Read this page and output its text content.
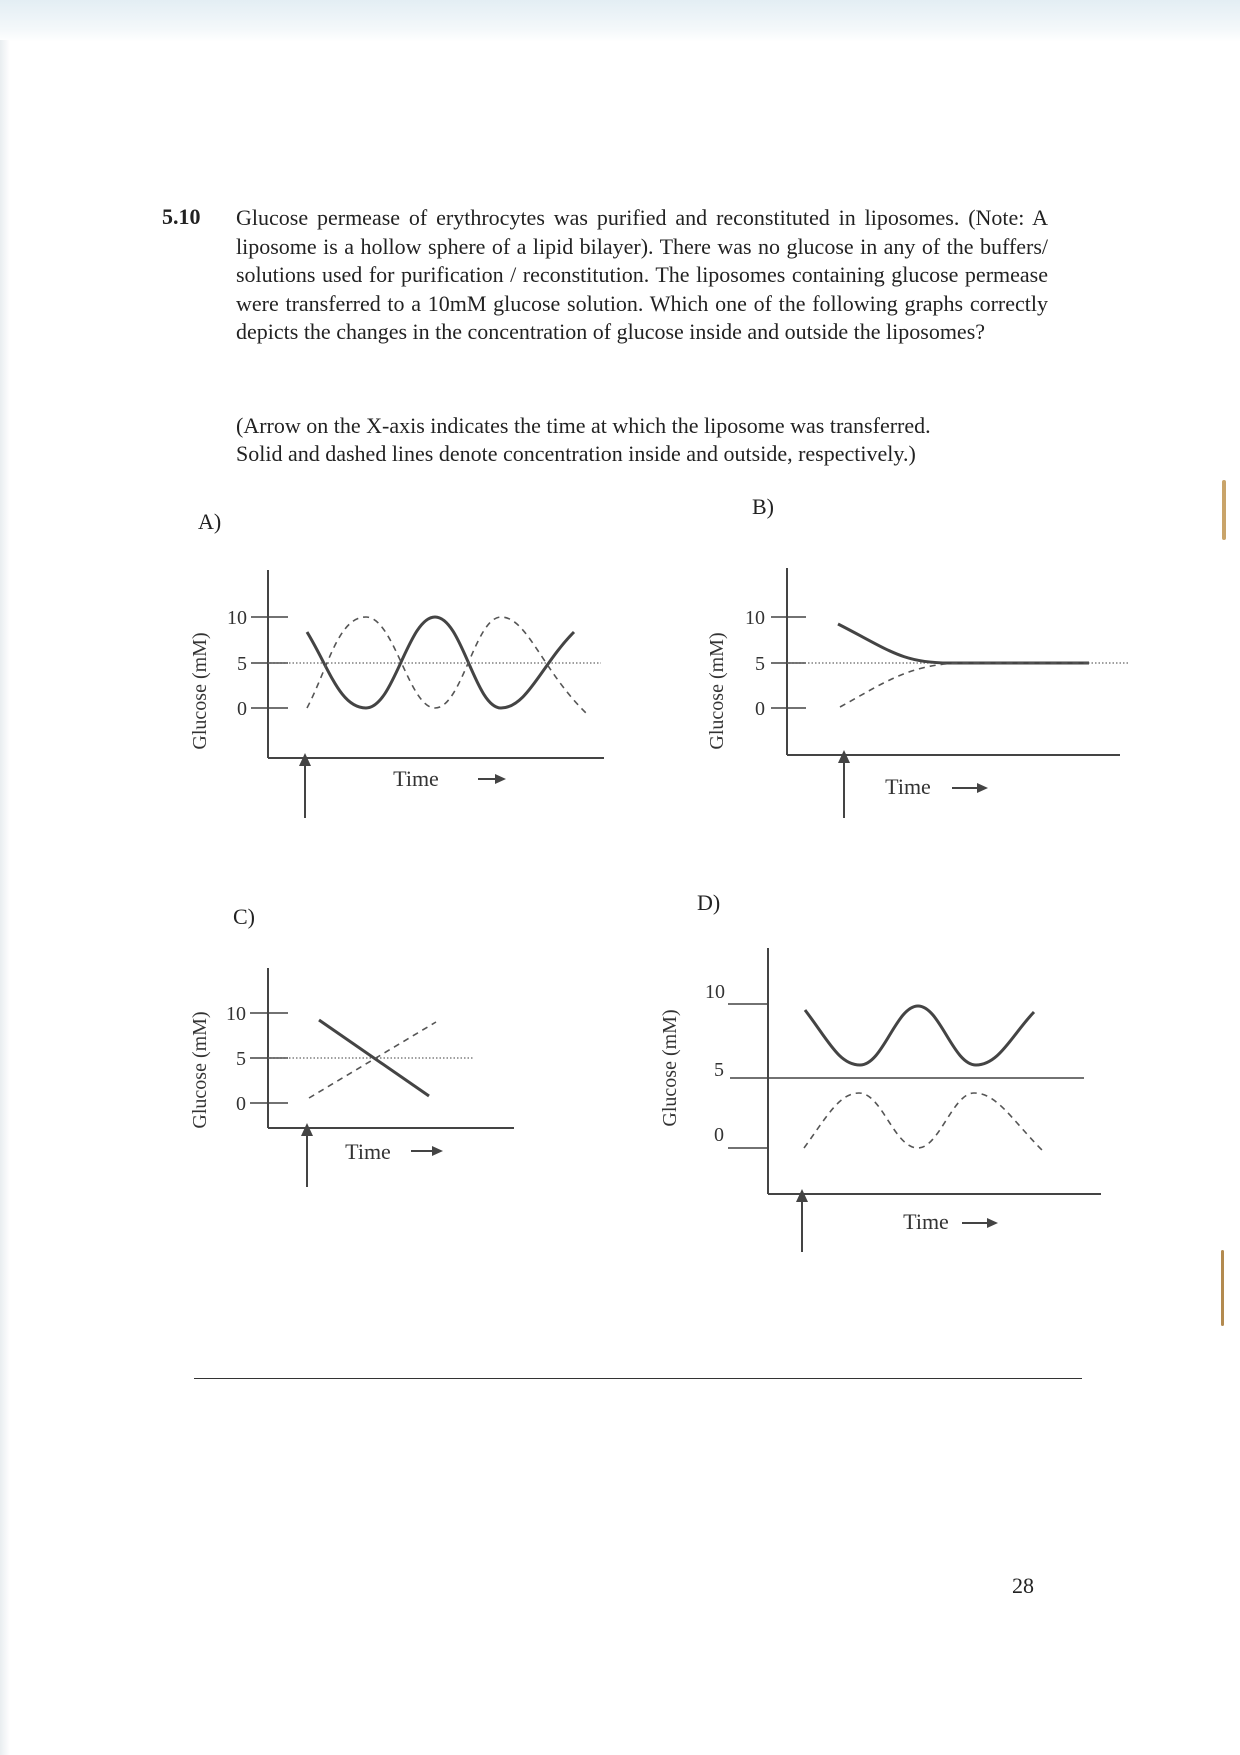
5.10 Glucose permease of erythrocytes was purified and reconstituted in liposomes. (Note: A liposome is a hollow sphere of a lipid bilayer). There was no glucose in any of the buffers/ solutions used for purification / reconstitution. The liposomes containing glucose permease were transferred to a 10mM glucose solution. Which one of the following graphs correctly depicts the changes in the concentration of glucose inside and outside the liposomes?

(Arrow on the X-axis indicates the time at which the liposome was transferred.
Solid and dashed lines denote concentration inside and outside, respectively.)

A)
Glucose (mM)
10
5
0
Time
B)
Glucose (mM)
10
5
0
Time
C)
Glucose (mM) 10
5
0
Time
D)
Glucose (mM)
10
5
0
Time
28
